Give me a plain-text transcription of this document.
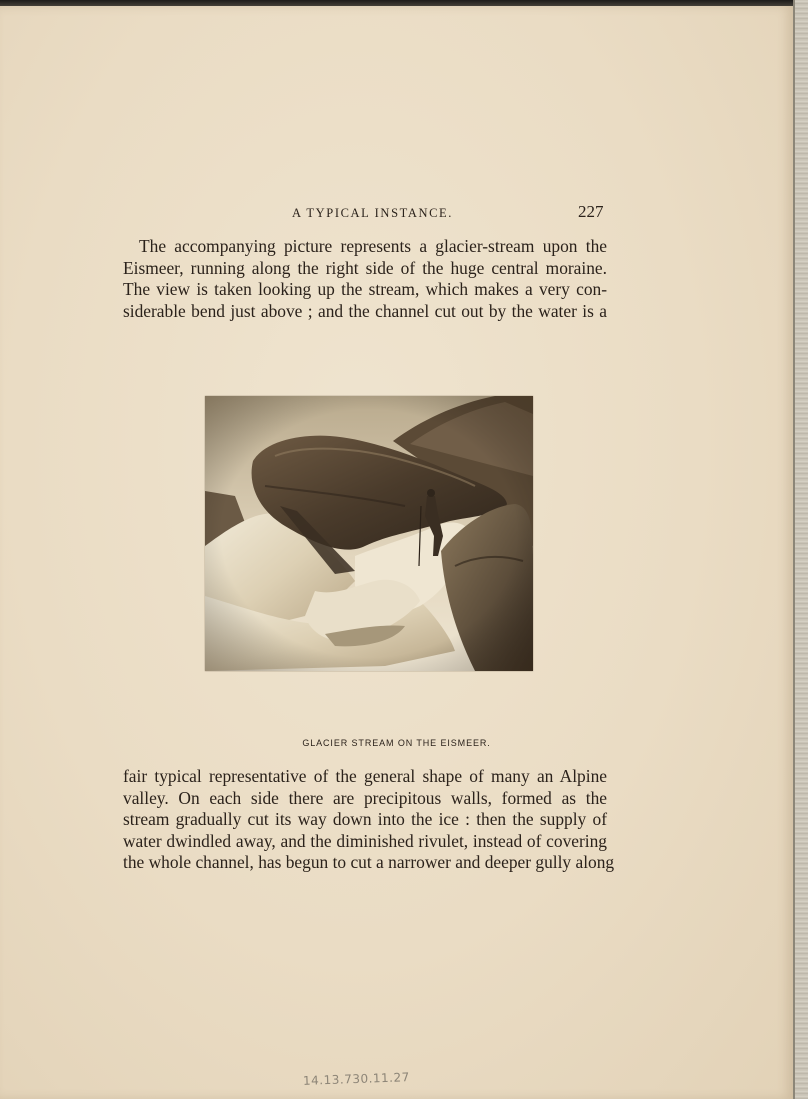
A TYPICAL INSTANCE.	227

The accompanying picture represents a glacier-stream upon the
Eismeer, running along the right side of the huge central moraine.
The view is taken looking up the stream, which makes a very con-
siderable bend just above ; and the channel cut out by the water is a

GLACIER STREAM ON THE EISMEER.

fair typical representative of the general shape of many an Alpine
valley. On each side there are precipitous walls, formed as the
stream gradually cut its way down into the ice : then the supply of
water dwindled away, and the diminished rivulet, instead of covering
the whole channel, has begun to cut a narrower and deeper gully along

14.13.730.11.27
